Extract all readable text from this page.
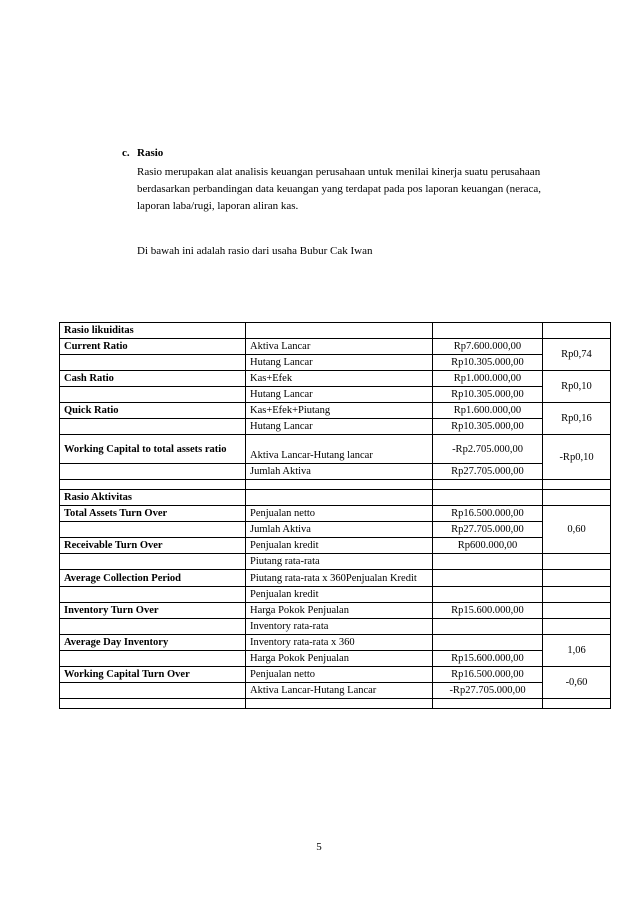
c. Rasio
Rasio merupakan alat analisis keuangan perusahaan untuk menilai kinerja suatu perusahaan berdasarkan perbandingan data keuangan yang terdapat pada pos laporan keuangan (neraca, laporan laba/rugi, laporan aliran kas.
Di bawah ini adalah rasio dari usaha Bubur Cak Iwan
Rasio likuiditas			
Current Ratio	Aktiva Lancar	Rp7.600.000,00	Rp0,74
	Hutang Lancar	Rp10.305.000,00	
Cash Ratio	Kas+Efek	Rp1.000.000,00	Rp0,10
	Hutang Lancar	Rp10.305.000,00	
Quick Ratio	Kas+Efek+Piutang	Rp1.600.000,00	Rp0,16
	Hutang Lancar	Rp10.305.000,00	
Working Capital to total assets ratio	Aktiva Lancar-Hutang lancar	-Rp2.705.000,00	-Rp0,10
	Jumlah Aktiva	Rp27.705.000,00	

Rasio Aktivitas			
Total Assets Turn Over	Penjualan netto	Rp16.500.000,00	0,60
	Jumlah Aktiva	Rp27.705.000,00	
Receivable Turn Over	Penjualan kredit	Rp600.000,00	
	Piutang rata-rata		
Average Collection Period	Piutang rata-rata x 360Penjualan Kredit		
	Penjualan kredit		
Inventory Turn Over	Harga Pokok Penjualan	Rp15.600.000,00	
	Inventory rata-rata		
Average Day Inventory	Inventory rata-rata x 360		1,06
	Harga Pokok Penjualan	Rp15.600.000,00	
Working Capital Turn Over	Penjualan netto	Rp16.500.000,00	-0,60
	Aktiva Lancar-Hutang Lancar	-Rp27.705.000,00	

5
